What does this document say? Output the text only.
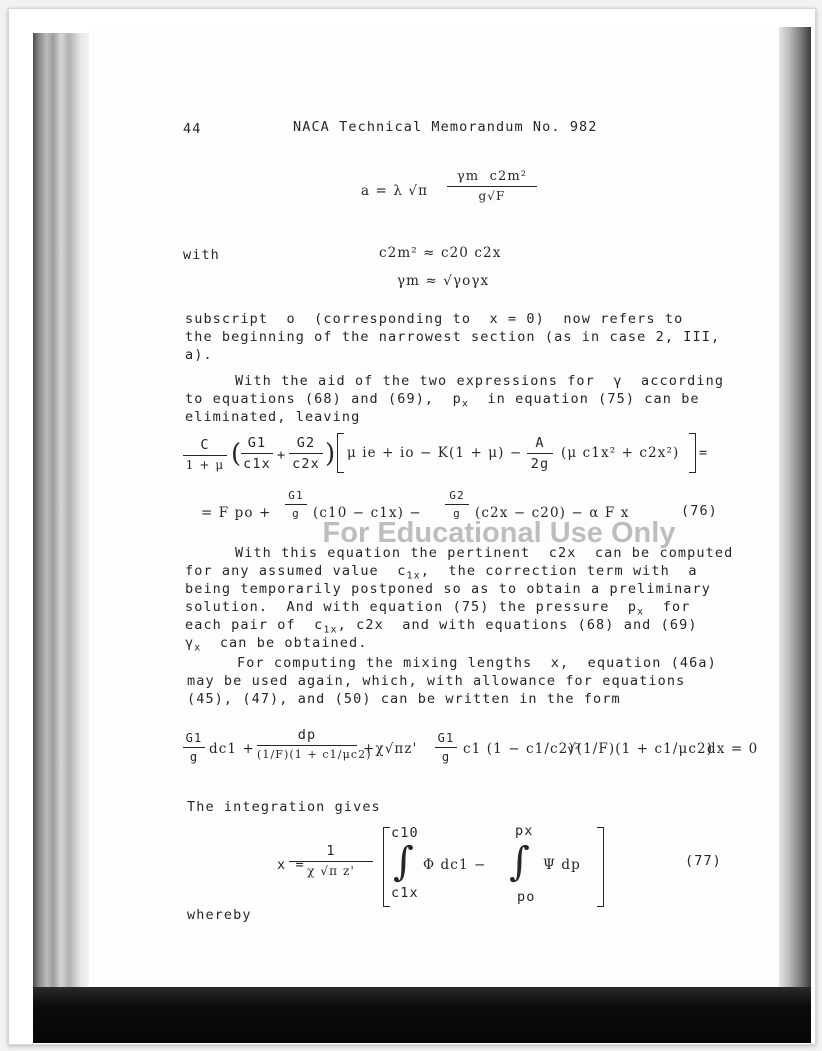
44	NACA Technical Memorandum No. 982
a = λ √π
γm  c2m²
g√F
with	c2m² ≈ c20 c2x
γm ≈ √γoγx
subscript  o  (corresponding to  x = 0)  now refers to
the beginning of the narrowest section (as in case 2, III,
a).
With the aid of the two expressions for  γ  according
to equations (68) and (69),  $p_x$  in equation (75) can be
eliminated, leaving
C
1 + μ ( G1
c1x
+
G2
c2x ) μ ie + io − K(1 + μ) −
A
2g
(μ c1x² + c2x²) =
= F po +
G1
g (c10 − c1x) −
G2
g	(c2x − c20) − α F x	(76)
With this equation the pertinent  c2x  can be computed
for any assumed value  $c_{1x}$,  the correction term with  a
being temporarily postponed so as to obtain a preliminary
solution.  And with equation (75) the pressure  $p_x$  for
each pair of  $c_{1x}$, c2x  and with equations (68) and (69)
$\gamma_x$  can be obtained.
For Educational Use Only
For computing the mixing lengths  x,  equation (46a)
may be used again, which, with allowance for equations
(45), (47), and (50) can be written in the form
G1
g dc1 +
dp
(1/F)(1 + c1/μc2)
+χ√πz'
G1
g c1 (1 − c1/c2)²
√(1/F)(1 + c1/μc2)
dx = 0
The integration gives
x =
1
χ √π z'
c10
∫
c1x
Φ dc1 −
px
∫
po
Ψ dp	(77)
whereby
